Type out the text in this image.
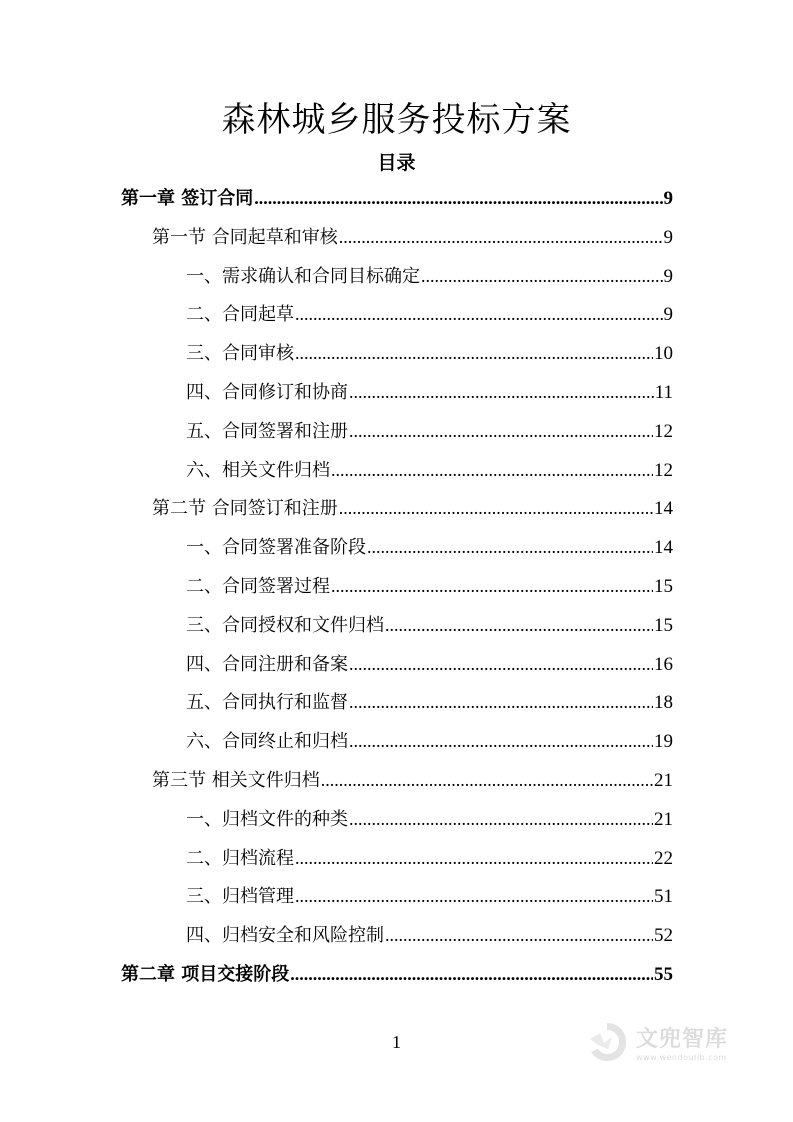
森林城乡服务投标方案
目录
第一章 签订合同 .....	9
第一节 合同起草和审核 .....	9
一、需求确认和合同目标确定 .....	9
二、合同起草 .....	9
三、合同审核 .....	10
四、合同修订和协商 .....	11
五、合同签署和注册 .....	12
六、相关文件归档 .....	12
第二节 合同签订和注册 .....	14
一、合同签署准备阶段 .....	14
二、合同签署过程 .....	15
三、合同授权和文件归档 .....	15
四、合同注册和备案 .....	16
五、合同执行和监督 .....	18
六、合同终止和归档 .....	19
第三节 相关文件归档 .....	21
一、归档文件的种类 .....	21
二、归档流程 .....	22
三、归档管理 .....	51
四、归档安全和风险控制 .....	52
第二章 项目交接阶段 .....	55
1	文兜智库
www.wendoulib.com
